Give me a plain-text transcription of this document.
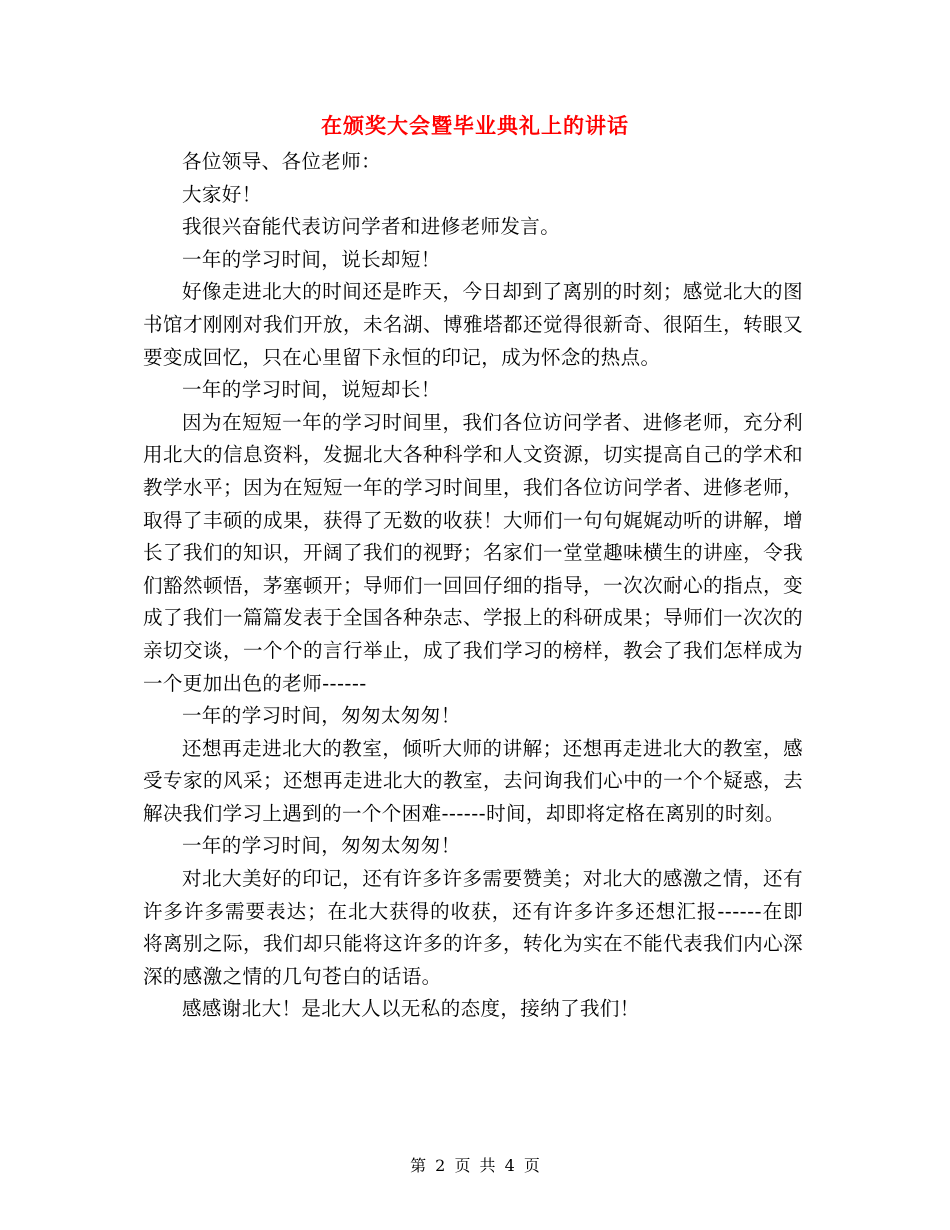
在颁奖大会暨毕业典礼上的讲话

各位领导、各位老师：

大家好！

我很兴奋能代表访问学者和进修老师发言。

一年的学习时间，说长却短！

好像走进北大的时间还是昨天，今日却到了离别的时刻；感觉北大的图书馆才刚刚对我们开放，未名湖、博雅塔都还觉得很新奇、很陌生，转眼又要变成回忆，只在心里留下永恒的印记，成为怀念的热点。

一年的学习时间，说短却长！

因为在短短一年的学习时间里，我们各位访问学者、进修老师，充分利用北大的信息资料，发掘北大各种科学和人文资源，切实提高自己的学术和教学水平；因为在短短一年的学习时间里，我们各位访问学者、进修老师，取得了丰硕的成果，获得了无数的收获！大师们一句句娓娓动听的讲解，增长了我们的知识，开阔了我们的视野；名家们一堂堂趣味横生的讲座，令我们豁然顿悟，茅塞顿开；导师们一回回仔细的指导，一次次耐心的指点，变成了我们一篇篇发表于全国各种杂志、学报上的科研成果；导师们一次次的亲切交谈，一个个的言行举止，成了我们学习的榜样，教会了我们怎样成为一个更加出色的老师------

一年的学习时间，匆匆太匆匆！

还想再走进北大的教室，倾听大师的讲解；还想再走进北大的教室，感受专家的风采；还想再走进北大的教室，去问询我们心中的一个个疑惑，去解决我们学习上遇到的一个个困难------时间，却即将定格在离别的时刻。

一年的学习时间，匆匆太匆匆！

对北大美好的印记，还有许多许多需要赞美；对北大的感激之情，还有许多许多需要表达；在北大获得的收获，还有许多许多还想汇报------在即将离别之际，我们却只能将这许多的许多，转化为实在不能代表我们内心深深的感激之情的几句苍白的话语。

感感谢北大！是北大人以无私的态度，接纳了我们！

第 2 页 共 4 页
